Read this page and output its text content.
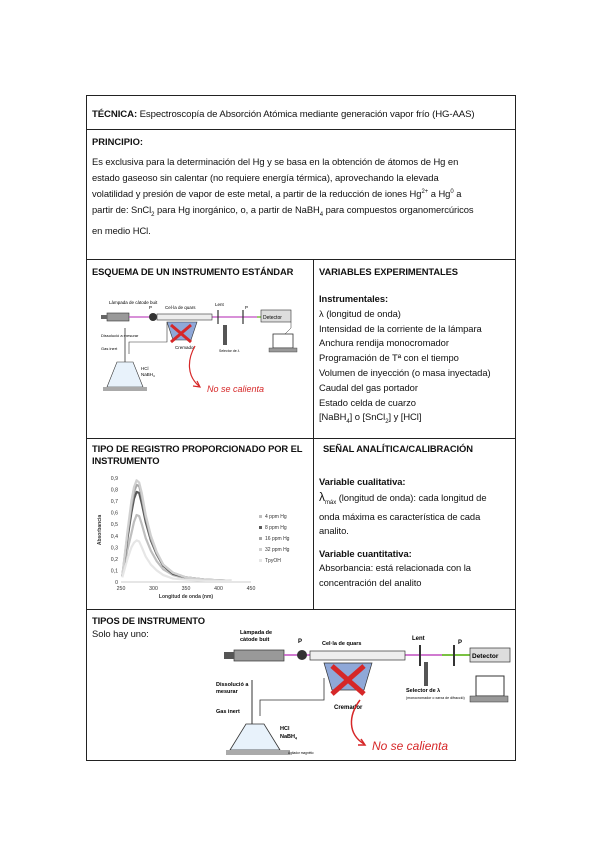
TÉCNICA: Espectroscopía de Absorción Atómica mediante generación vapor frío (HG-AAS)
PRINCIPIO:
Es exclusiva para la determinación del Hg y se basa en la obtención de átomos de Hg en
estado gaseoso sin calentar (no requiere energía térmica), aprovechando la elevada
volatilidad y presión de vapor de este metal, a partir de la reducción de iones $Hg^{2+}$ a Hg$^0$ a
partir de: SnCl$_2$ para Hg inorgánico, o, a partir de NaBH$_4$ para compuestos organomercúricos
en medio HCl.
ESQUEMA DE UN INSTRUMENTO ESTÁNDAR
Làmpada de càtode buit
P	Cel·la de quars
Cremador
Lent
Selector de λ
P
Detector
Dissolució a mesurar
Gas inert
HCl
NaBH$_4$
No se calienta
VARIABLES EXPERIMENTALES
Instrumentales:
λ (longitud de onda)
Intensidad de la corriente de la lámpara
Anchura rendija monocromador
Programación de Tª con el tiempo
Volumen de inyección (o masa inyectada)
Caudal del gas portador
Estado celda de cuarzo
[NaBH$_4$] o [SnCl$_2$] y [HCl]
TIPO DE REGISTRO PROPORCIONADO POR EL INSTRUMENTO
0
0,1
0,2
0,3
0,4
0,5
0,6
0,7
0,8
0,9
250	300	350	400	450
Longitud de onda (nm)
Absorbancia	4 ppm Hg
8 ppm Hg
16 ppm Hg
32 ppm Hg
TpyOH
SEÑAL ANALÍTICA/CALIBRACIÓN
Variable cualitativa:
$\lambda_{máx}$ (longitud de onda): cada longitud de
onda máxima es característica de cada
analito.
Variable cuantitativa:
Absorbancia: está relacionada con la
concentración del analito
TIPOS DE INSTRUMENTO
Solo hay uno:	Làmpada de
càtode buit	P	Cel·la de quars
Cremador
Lent
Selector de λ
(monocromador o xarxa de difracció)
P
Detector
Dissolució a
mesurar
Gas inert
HCl
NaBH$_4$
Agitador magnètic	No se calienta
